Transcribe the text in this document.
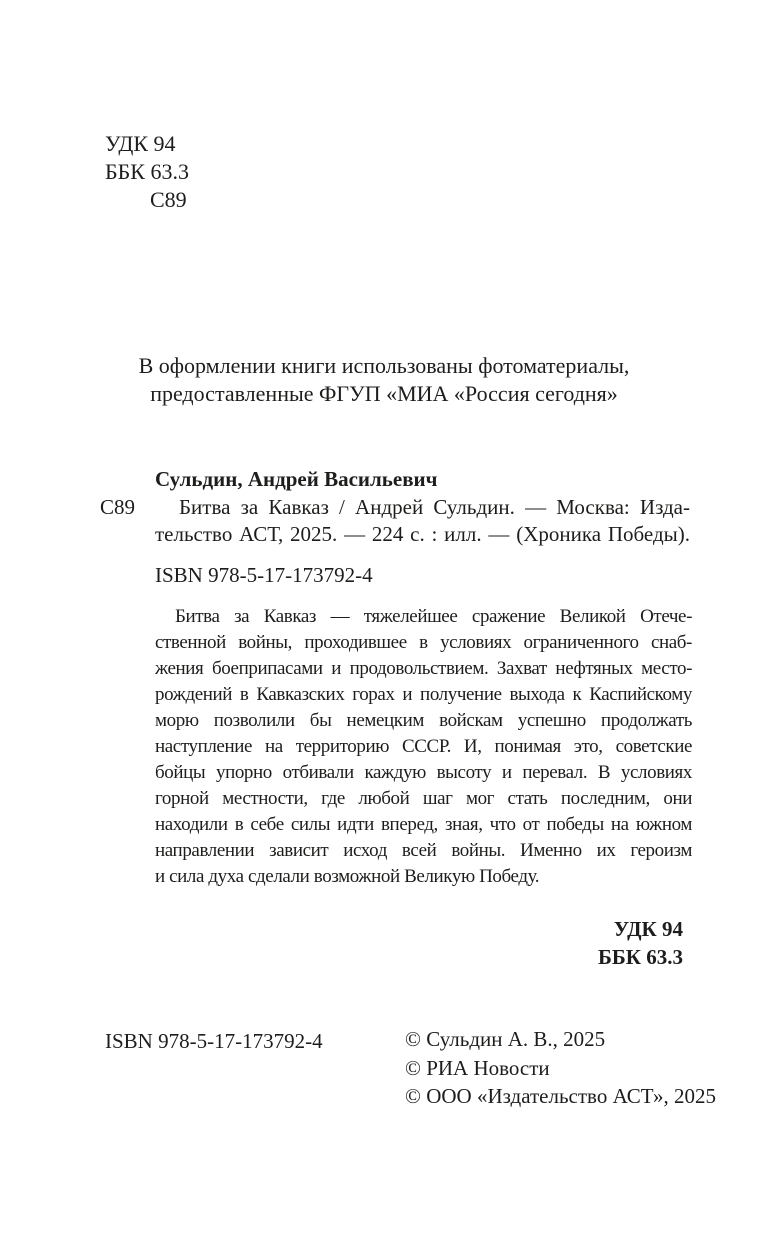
УДК 94
ББК 63.3
С89
В оформлении книги использованы фотоматериалы,
предоставленные ФГУП «МИА «Россия сегодня»
Сульдин, Андрей Васильевич
С89	Битва за Кавказ / Андрей Сульдин. — Москва: Изда-
тельство АСТ, 2025. — 224 с. : илл. — (Хроника Победы).
ISBN 978-5-17-173792-4
Битва за Кавказ — тяжелейшее сражение Великой Отече-
ственной войны, проходившее в условиях ограниченного снаб-
жения боеприпасами и продовольствием. Захват нефтяных место-
рождений в Кавказских горах и получение выхода к Каспийскому
морю позволили бы немецким войскам успешно продолжать
наступление на территорию СССР. И, понимая это, советские
бойцы упорно отбивали каждую высоту и перевал. В условиях
горной местности, где любой шаг мог стать последним, они
находили в себе силы идти вперед, зная, что от победы на южном
направлении зависит исход всей войны. Именно их героизм
и сила духа сделали возможной Великую Победу.
УДК 94
ББК 63.3
ISBN 978-5-17-173792-4	© Сульдин А. В., 2025
© РИА Новости
© ООО «Издательство АСТ», 2025
